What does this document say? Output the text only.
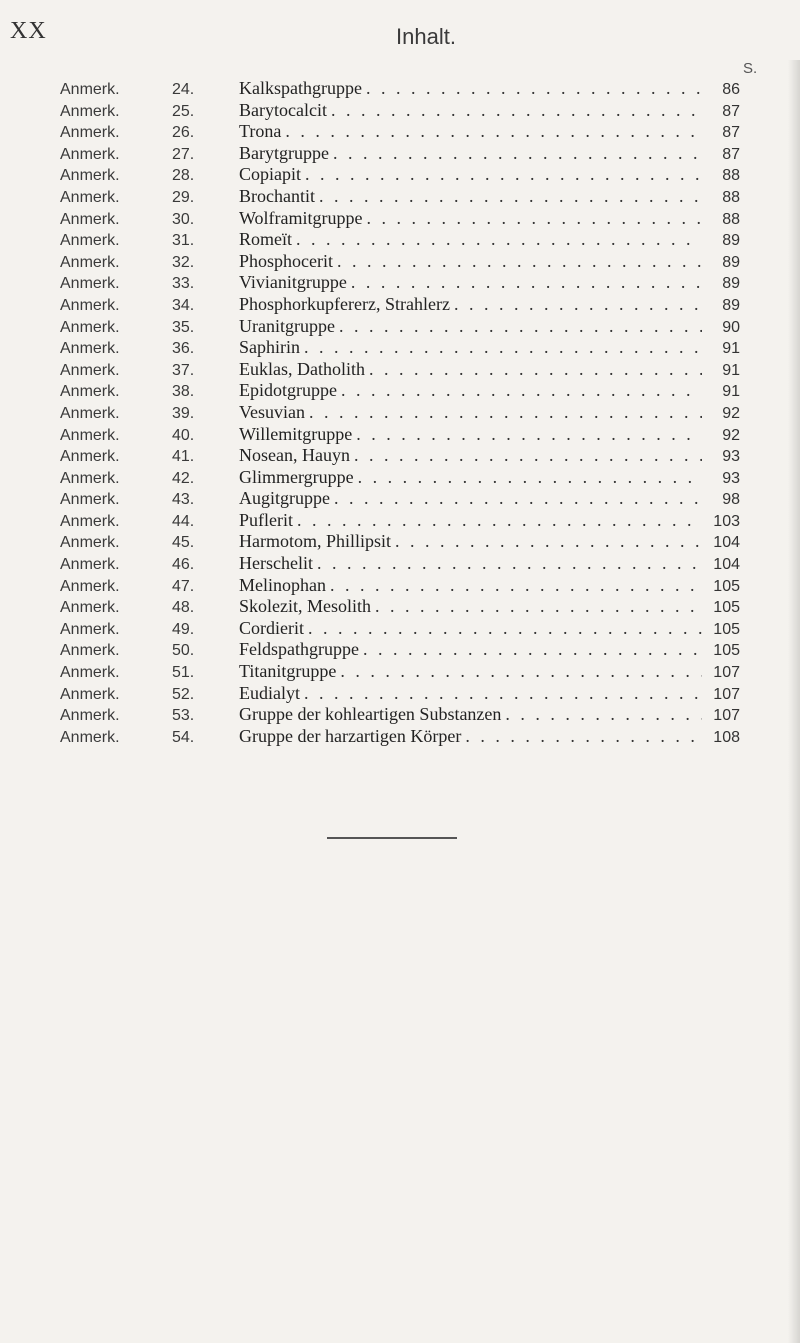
XX	Inhalt.
S.
Anmerk.	24.	Kalkspathgruppe . . .	86
Anmerk.	25.	Barytocalcit . . .	87
Anmerk.	26.	Trona . . .	87
Anmerk.	27.	Barytgruppe . . .	87
Anmerk.	28.	Copiapit . . .	88
Anmerk.	29.	Brochantit . . .	88
Anmerk.	30.	Wolframitgruppe . . .	88
Anmerk.	31.	Romeït . . .	89
Anmerk.	32.	Phosphocerit . . .	89
Anmerk.	33.	Vivianitgruppe . . .	89
Anmerk.	34.	Phosphorkupfererz, Strahlerz . . .	89
Anmerk.	35.	Uranitgruppe . . .	90
Anmerk.	36.	Saphirin . . .	91
Anmerk.	37.	Euklas, Datholith . . .	91
Anmerk.	38.	Epidotgruppe . . .	91
Anmerk.	39.	Vesuvian . . .	92
Anmerk.	40.	Willemitgruppe . . .	92
Anmerk.	41.	Nosean, Hauyn . . .	93
Anmerk.	42.	Glimmergruppe . . .	93
Anmerk.	43.	Augitgruppe . . .	98
Anmerk.	44.	Puflerit . . .	103
Anmerk.	45.	Harmotom, Phillipsit . . .	104
Anmerk.	46.	Herschelit . . .	104
Anmerk.	47.	Melinophan . . .	105
Anmerk.	48.	Skolezit, Mesolith . . .	105
Anmerk.	49.	Cordierit . . .	105
Anmerk.	50.	Feldspathgruppe . . .	105
Anmerk.	51.	Titanitgruppe . . .	107
Anmerk.	52.	Eudialyt . . .	107
Anmerk.	53.	Gruppe der kohleartigen Substanzen . . .	107
Anmerk.	54.	Gruppe der harzartigen Körper . . .	108
